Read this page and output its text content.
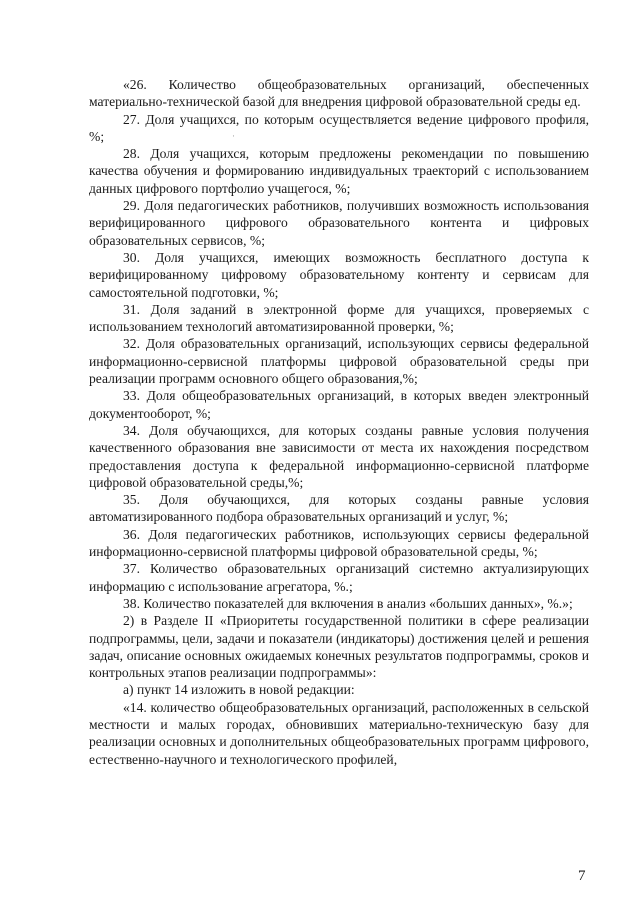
·

«26. Количество общеобразовательных организаций, обеспеченных материально-технической базой для внедрения цифровой образовательной среды ед.

27. Доля учащихся, по которым осуществляется ведение цифрового профиля, %;

28. Доля учащихся, которым предложены рекомендации по повышению качества обучения и формированию индивидуальных траекторий с использованием данных цифрового портфолио учащегося, %;

29. Доля педагогических работников, получивших возможность использования верифицированного цифрового образовательного контента и цифровых образовательных сервисов, %;

30. Доля учащихся, имеющих возможность бесплатного доступа к верифицированному цифровому образовательному контенту и сервисам для самостоятельной подготовки, %;

31. Доля заданий в электронной форме для учащихся, проверяемых с использованием технологий автоматизированной проверки, %;

32. Доля образовательных организаций, использующих сервисы федеральной информационно-сервисной платформы цифровой образовательной среды при реализации программ основного общего образования,%;

33. Доля общеобразовательных организаций, в которых введен электронный документооборот, %;

34. Доля обучающихся, для которых созданы равные условия получения качественного образования вне зависимости от места их нахождения посредством предоставления доступа к федеральной информационно-сервисной платформе цифровой образовательной среды,%;

35. Доля обучающихся, для которых созданы равные условия автоматизированного подбора образовательных организаций и услуг, %;

36. Доля педагогических работников, использующих сервисы федеральной информационно-сервисной платформы цифровой образовательной среды, %;

37. Количество образовательных организаций системно актуализирующих информацию с использование агрегатора, %.;

38. Количество показателей для включения в анализ «больших данных», %.»;

2) в Разделе II «Приоритеты государственной политики в сфере реализации подпрограммы, цели, задачи и показатели (индикаторы) достижения целей и решения задач, описание основных ожидаемых конечных результатов подпрограммы, сроков и контрольных этапов реализации подпрограммы»:

а) пункт 14 изложить в новой редакции:

«14. количество общеобразовательных организаций, расположенных в сельской местности и малых городах, обновивших материально-техническую базу для реализации основных и дополнительных общеобразовательных программ цифрового, естественно-научного и технологического профилей,

7
